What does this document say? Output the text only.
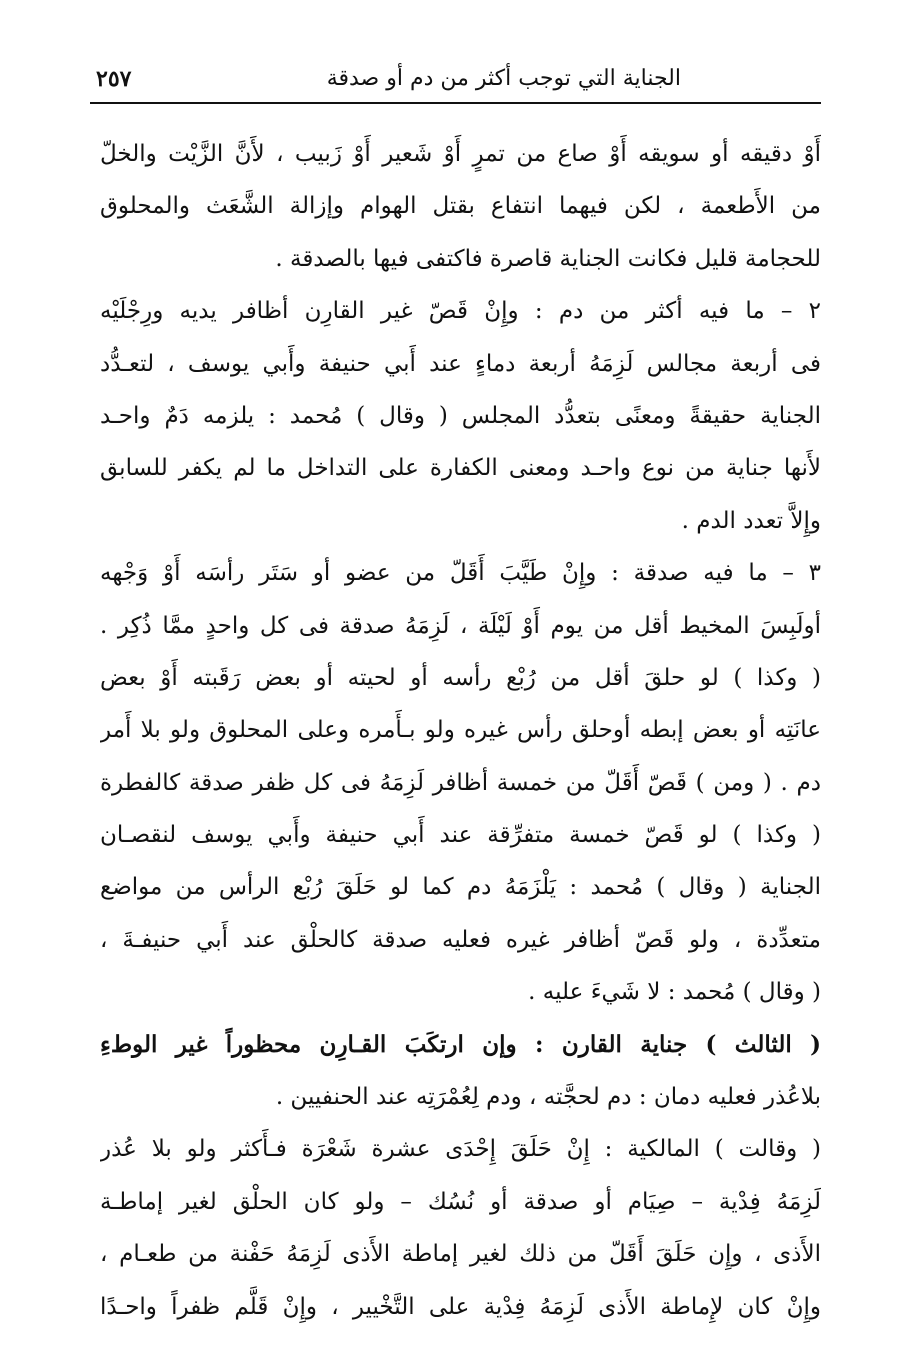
الجناية التي توجب أكثر من دم أو صدقة
٢٥٧
أَوْ دقيقه أو سويقه أَوْ صاع من تمرٍ أَوْ شَعير أَوْ زَبيب ، لأَنَّ الزَّيْت والخلّ
من الأَطعمة ، لكن فيهما انتفاع بقتل الهوام وإزالة الشَّعَث والمحلوق
للحجامة قليل فكانت الجناية قاصرة فاكتفى فيها بالصدقة .
٢ – ما فيه أكثر من دم : وإِنْ قَصّ غير القارِن أظافر يديه ورِجْلَيْه
فى أربعة مجالس لَزِمَهُ أربعة دماءٍ عند أَبي حنيفة وأَبي يوسف ، لتعـدُّد
الجناية حقيقةً ومعنًى بتعدُّد المجلس ( وقال ) مُحمد : يلزمه دَمٌ واحـد
لأَنها جناية من نوع واحـد ومعنى الكفارة على التداخل ما لم يكفر للسابق
وإِلاَّ تعدد الدم .
٣ – ما فيه صدقة : وإِنْ طَيَّبَ أَقَلّ من عضو أو سَتَر رأسَه أَوْ وَجْهه
أولَبِسَ المخيط أقل من يوم أَوْ لَيْلَة ، لَزِمَهُ صدقة فى كل واحدٍ ممَّا ذُكِر .
( وكذا ) لو حلقَ أقل من رُبْع رأسه أو لحيته أو بعض رَقَبته أَوْ بعض
عانَتِه أو بعض إبطه أوحلق رأس غيره ولو بـأَمره وعلى المحلوق ولو بلا أَمر
دم . ( ومن ) قَصّ أَقَلّ من خمسة أظافر لَزِمَهُ فى كل ظفر صدقة كالفطرة
( وكذا ) لو قَصّ خمسة متفرِّقة عند أَبي حنيفة وأَبي يوسف لنقصـان
الجناية ( وقال ) مُحمد : يَلْزَمَهُ دم كما لو حَلَقَ رُبْع الرأس من مواضع
متعدِّدة ، ولو قَصّ أظافر غيره فعليه صدقة كالحلْق عند أَبي حنيفـةَ ،
( وقال ) مُحمد : لا شَيءَ عليه .
( الثالث ) جناية القارن : وإن ارتكَبَ القـارِن محظوراً غير الوطءِ
بلاعُذر فعليه دمان : دم لحجَّته ، ودم لِعُمْرَتِه عند الحنفيين .
( وقالت ) المالكية : إِنْ حَلَقَ إِحْدَى عشرة شَعْرَة فـأَكثر ولو بلا عُذر
لَزِمَهُ فِدْية – صِيَام أو صدقة أو نُسُك – ولو كان الحلْق لغير إماطـة
الأَذى ، وإِن حَلَقَ أَقَلّ من ذلك لغير إماطة الأَذى لَزِمَهُ حَفْنة من طعـام ،
وإِنْ كان لإِماطة الأَذى لَزِمَهُ فِدْية على التَّخْيير ، وإِنْ قَلَّم ظفراً واحـدًا
